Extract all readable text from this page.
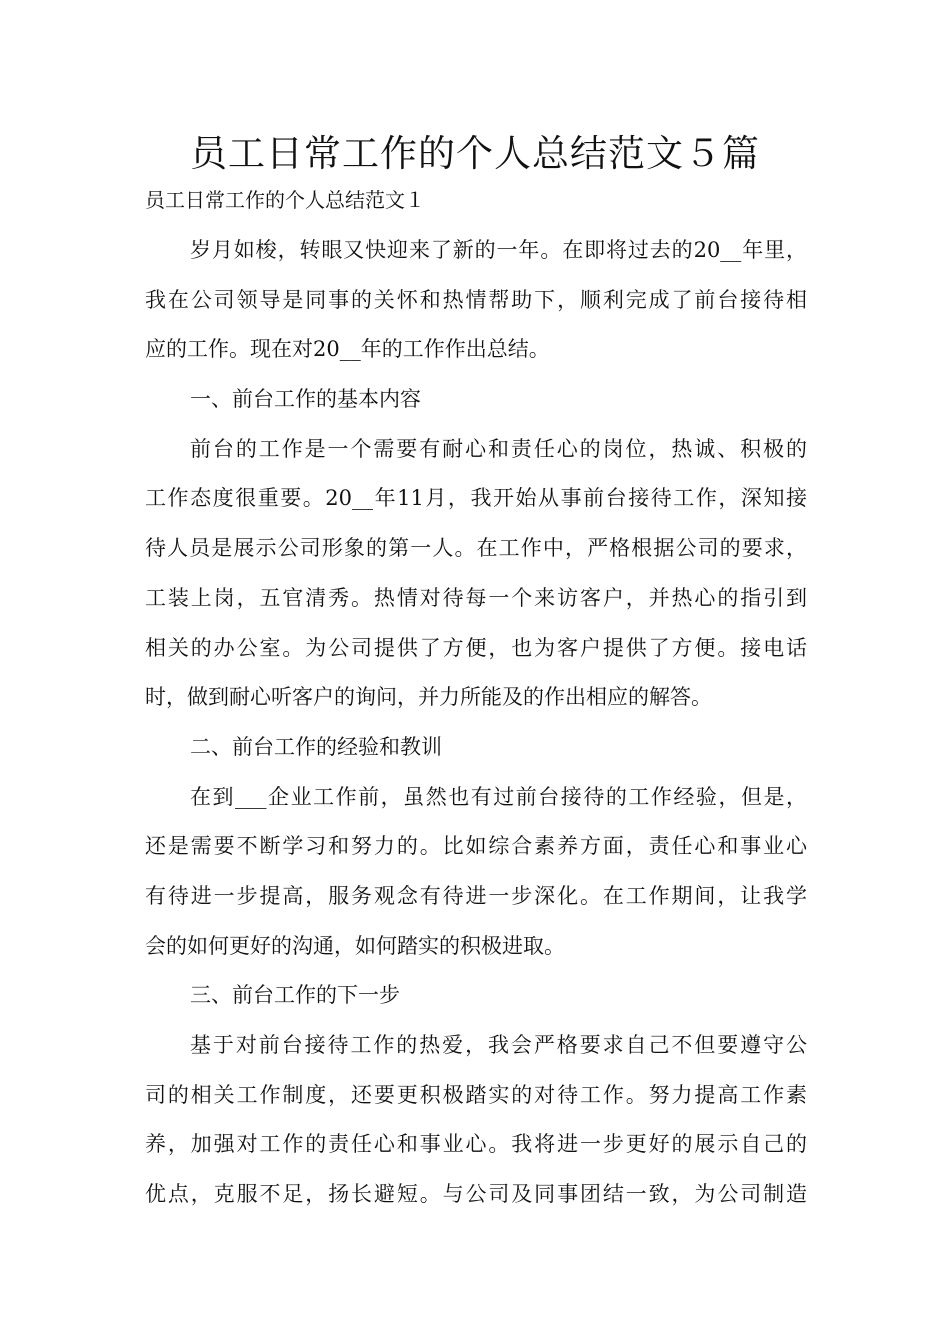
员工日常工作的个人总结范文５篇
员工日常工作的个人总结范文１
岁月如梭，转眼又快迎来了新的一年。在即将过去的20__年里，
我在公司领导是同事的关怀和热情帮助下，顺利完成了前台接待相
应的工作。现在对20__年的工作作出总结。
一、前台工作的基本内容
前台的工作是一个需要有耐心和责任心的岗位，热诚、积极的
工作态度很重要。20__年11月，我开始从事前台接待工作，深知接
待人员是展示公司形象的第一人。在工作中，严格根据公司的要求，
工装上岗，五官清秀。热情对待每一个来访客户，并热心的指引到
相关的办公室。为公司提供了方便，也为客户提供了方便。接电话
时，做到耐心听客户的询问，并力所能及的作出相应的解答。
二、前台工作的经验和教训
在到___企业工作前，虽然也有过前台接待的工作经验，但是，
还是需要不断学习和努力的。比如综合素养方面，责任心和事业心
有待进一步提高，服务观念有待进一步深化。在工作期间，让我学
会的如何更好的沟通，如何踏实的积极进取。
三、前台工作的下一步
基于对前台接待工作的热爱，我会严格要求自己不但要遵守公
司的相关工作制度，还要更积极踏实的对待工作。努力提高工作素
养，加强对工作的责任心和事业心。我将进一步更好的展示自己的
优点，克服不足，扬长避短。与公司及同事团结一致，为公司制造
